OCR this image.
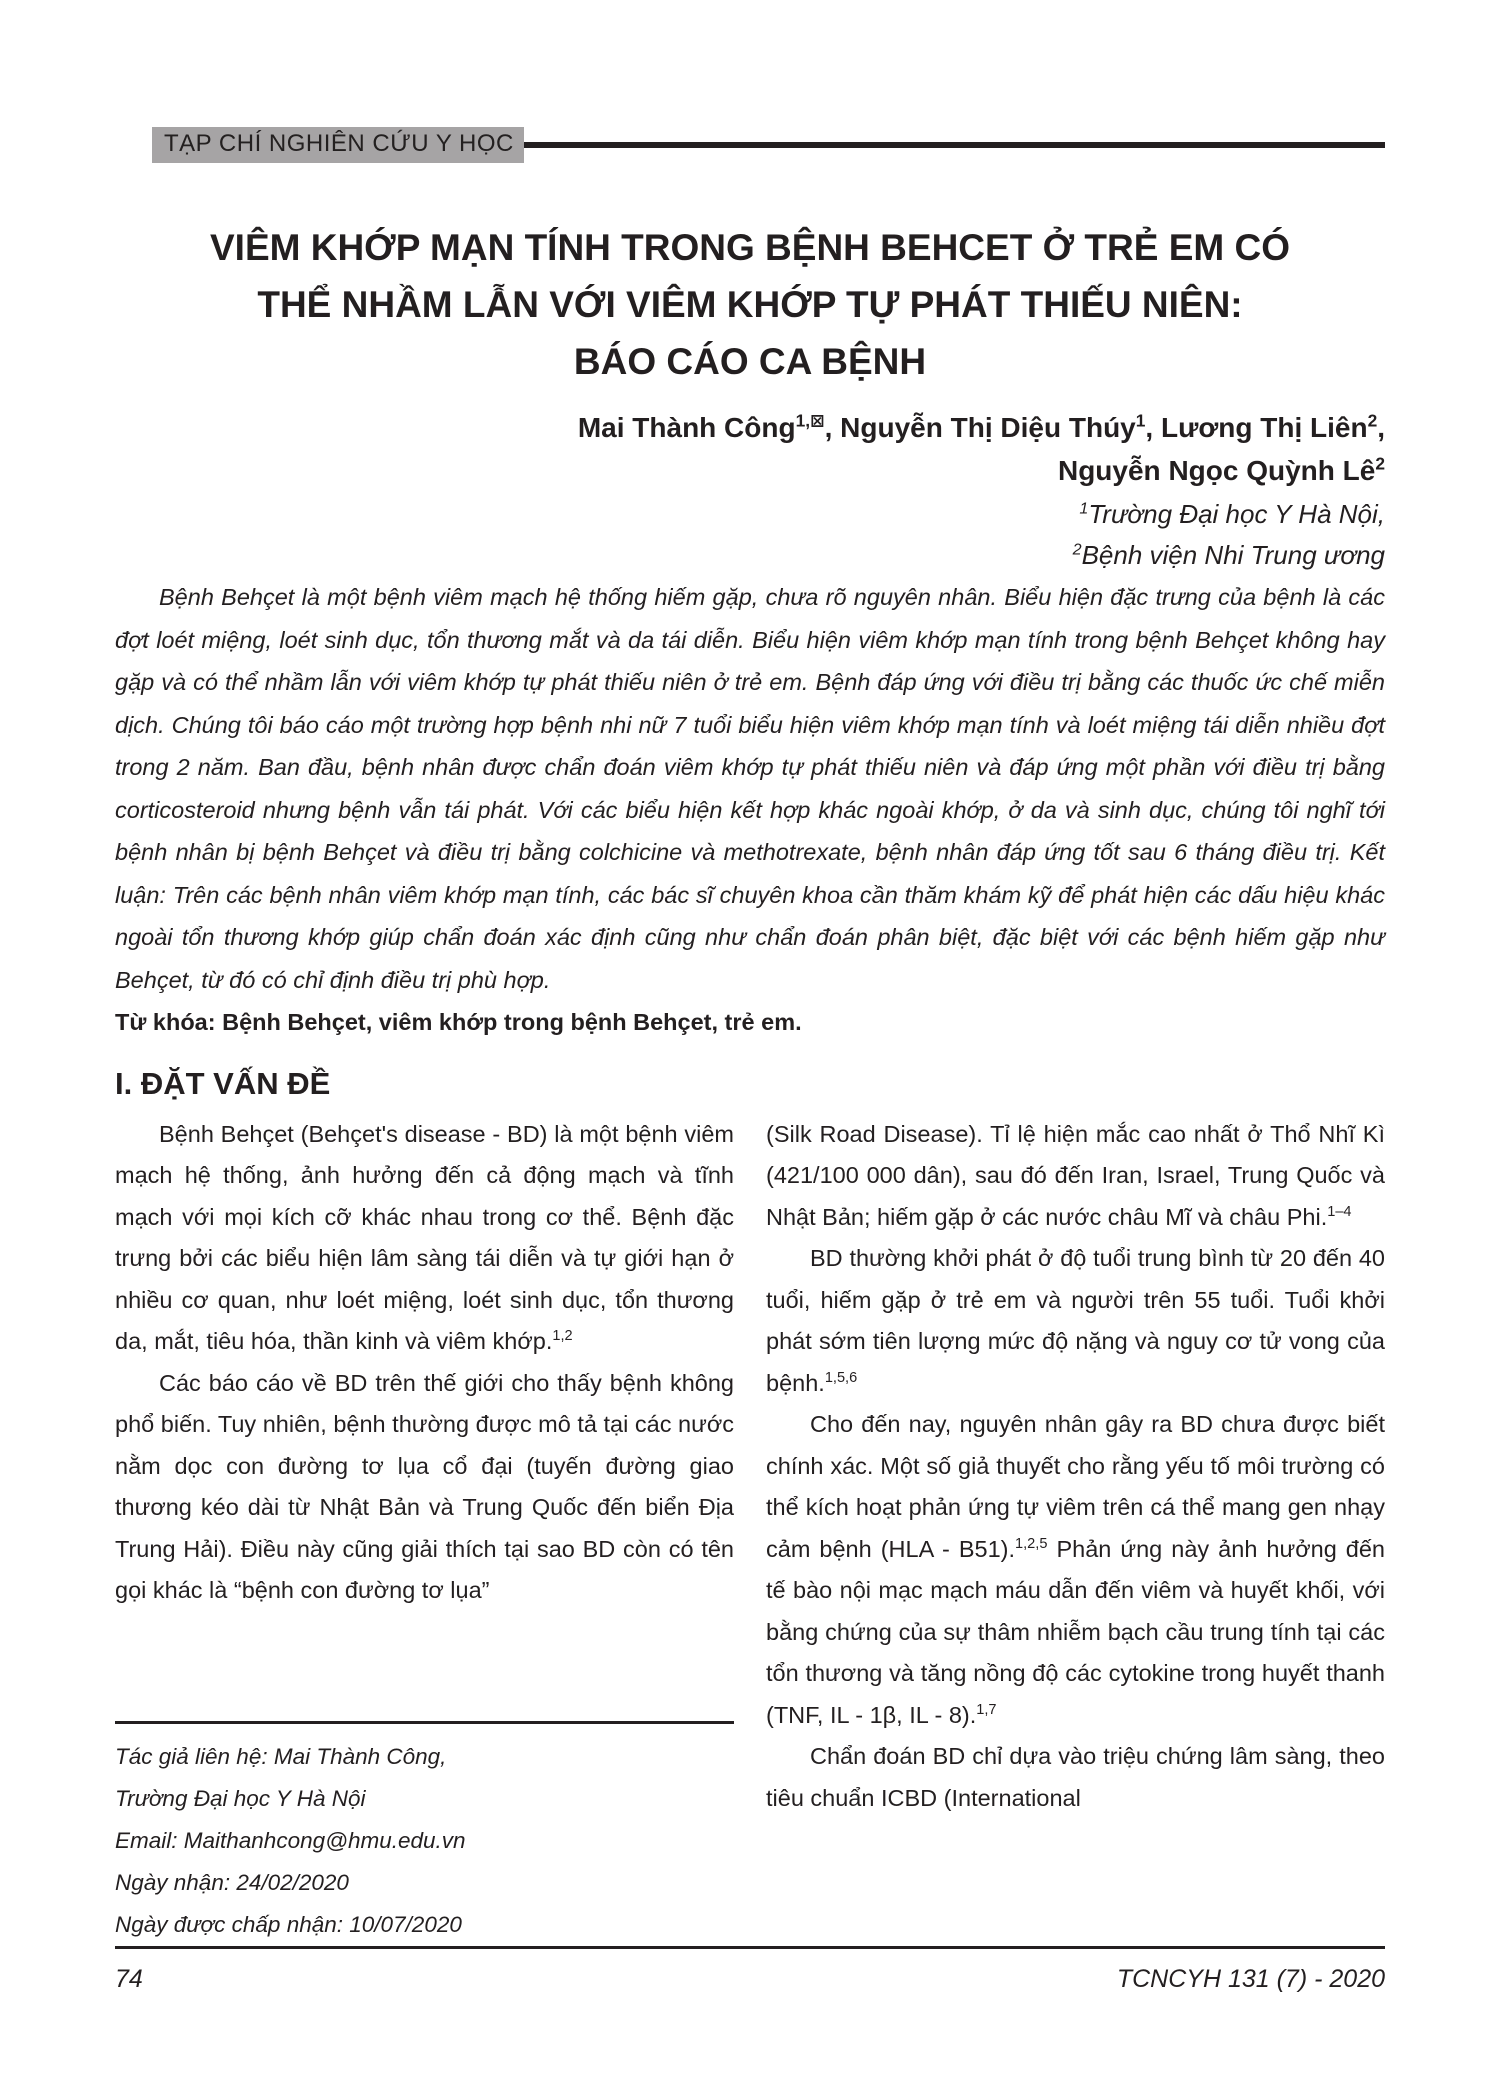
TẠP CHÍ NGHIÊN CỨU Y HỌC
VIÊM KHỚP MẠN TÍNH TRONG BỆNH BEHCET Ở TRẺ EM CÓ
THỂ NHẦM LẪN VỚI VIÊM KHỚP TỰ PHÁT THIẾU NIÊN:
BÁO CÁO CA BỆNH
Mai Thành Công$^{1,⊠}$, Nguyễn Thị Diệu Thúy$^1$, Lương Thị Liên$^2$,
Nguyễn Ngọc Quỳnh $Lê^2$
$^1$Trường Đại học Y Hà Nội,
$^2$Bệnh viện Nhi Trung ương

Bệnh Behçet là một bệnh viêm mạch hệ thống hiếm gặp, chưa rõ nguyên nhân. Biểu hiện đặc trưng của bệnh là các đợt loét miệng, loét sinh dục, tổn thương mắt và da tái diễn. Biểu hiện viêm khớp mạn tính trong bệnh Behçet không hay gặp và có thể nhầm lẫn với viêm khớp tự phát thiếu niên ở trẻ em. Bệnh đáp ứng với điều trị bằng các thuốc ức chế miễn dịch. Chúng tôi báo cáo một trường hợp bệnh nhi nữ 7 tuổi biểu hiện viêm khớp mạn tính và loét miệng tái diễn nhiều đợt trong 2 năm. Ban đầu, bệnh nhân được chẩn đoán viêm khớp tự phát thiếu niên và đáp ứng một phần với điều trị bằng corticosteroid nhưng bệnh vẫn tái phát. Với các biểu hiện kết hợp khác ngoài khớp, ở da và sinh dục, chúng tôi nghĩ tới bệnh nhân bị bệnh Behçet và điều trị bằng colchicine và methotrexate, bệnh nhân đáp ứng tốt sau 6 tháng điều trị. Kết luận: Trên các bệnh nhân viêm khớp mạn tính, các bác sĩ chuyên khoa cần thăm khám kỹ để phát hiện các dấu hiệu khác ngoài tổn thương khớp giúp chẩn đoán xác định cũng như chẩn đoán phân biệt, đặc biệt với các bệnh hiếm gặp như Behçet, từ đó có chỉ định điều trị phù hợp.

Từ khóa: Bệnh Behçet, viêm khớp trong bệnh Behçet, trẻ em.

I. ĐẶT VẤN ĐỀ

Bệnh Behçet (Behçet's disease - BD) là một bệnh viêm mạch hệ thống, ảnh hưởng đến cả động mạch và tĩnh mạch với mọi kích cỡ khác nhau trong cơ thể. Bệnh đặc trưng bởi các biểu hiện lâm sàng tái diễn và tự giới hạn ở nhiều cơ quan, như loét miệng, loét sinh dục, tổn thương da, mắt, tiêu hóa, thần kinh và viêm khớp.$^{1,2}$

Các báo cáo về BD trên thế giới cho thấy bệnh không phổ biến. Tuy nhiên, bệnh thường được mô tả tại các nước nằm dọc con đường tơ lụa cổ đại (tuyến đường giao thương kéo dài từ Nhật Bản và Trung Quốc đến biển Địa Trung Hải). Điều này cũng giải thích tại sao BD còn có tên gọi khác là “bệnh con đường tơ lụa”

Tác giả liên hệ: Mai Thành Công,
Trường Đại học Y Hà Nội
Email: Maithanhcong@hmu.edu.vn
Ngày nhận: 24/02/2020
Ngày được chấp nhận: 10/07/2020

(Silk Road Disease). Tỉ lệ hiện mắc cao nhất ở Thổ Nhĩ Kì (421/100 000 dân), sau đó đến Iran, Israel, Trung Quốc và Nhật Bản; hiếm gặp ở các nước châu Mĩ và châu Phi.$^{1-4}$

BD thường khởi phát ở độ tuổi trung bình từ 20 đến 40 tuổi, hiếm gặp ở trẻ em và người trên 55 tuổi. Tuổi khởi phát sớm tiên lượng mức độ nặng và nguy cơ tử vong của bệnh.$^{1,5,6}$

Cho đến nay, nguyên nhân gây ra BD chưa được biết chính xác. Một số giả thuyết cho rằng yếu tố môi trường có thể kích hoạt phản ứng tự viêm trên cá thể mang gen nhạy cảm bệnh (HLA - B51).$^{1,2,5}$ Phản ứng này ảnh hưởng đến tế bào nội mạc mạch máu dẫn đến viêm và huyết khối, với bằng chứng của sự thâm nhiễm bạch cầu trung tính tại các tổn thương và tăng nồng độ các cytokine trong huyết thanh (TNF, IL - 1β, IL - 8).$^{1,7}$

Chẩn đoán BD chỉ dựa vào triệu chứng lâm sàng, theo tiêu chuẩn ICBD (International

74	TCNCYH 131 (7) - 2020
